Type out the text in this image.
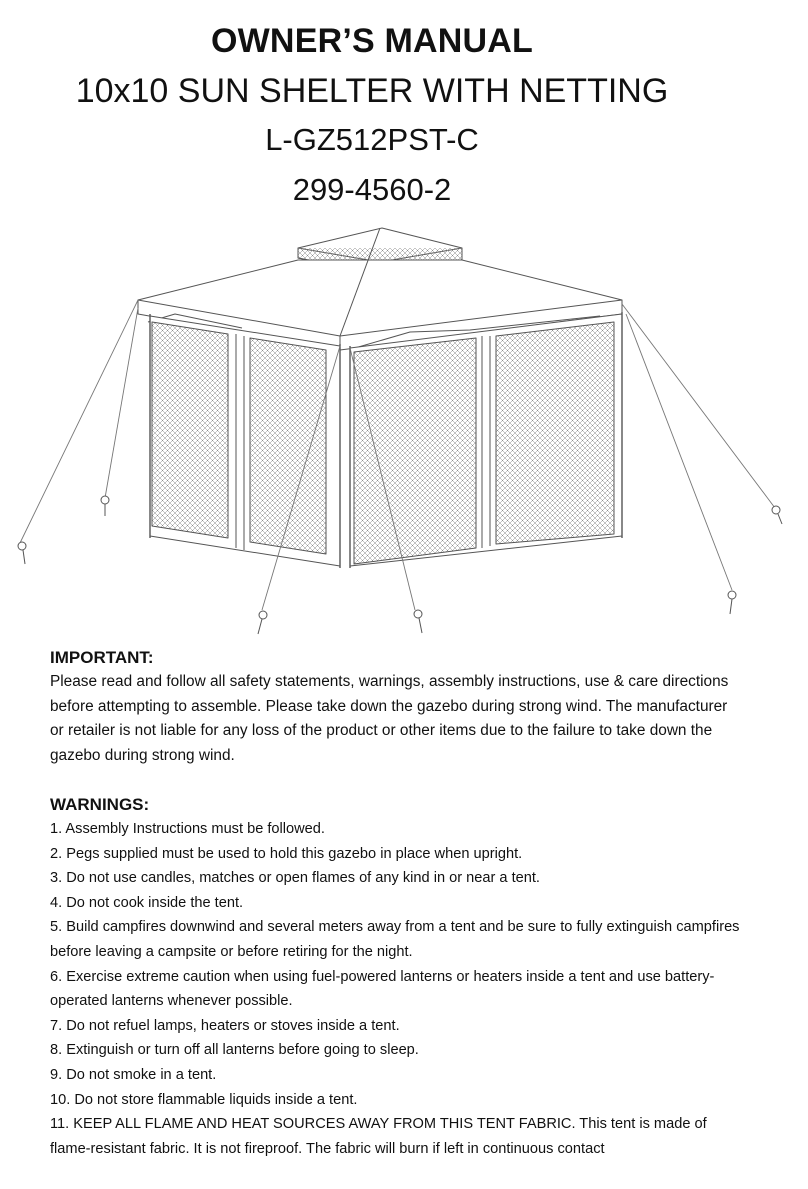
OWNER’S MANUAL
10x10 SUN SHELTER WITH NETTING
L-GZ512PST-C
299-4560-2
IMPORTANT:

Please read and follow all safety statements, warnings, assembly instructions, use & care directions before attempting to assemble. Please take down the gazebo during strong wind. The manufacturer or retailer is not liable for any loss of the product or other items due to the failure to take down the gazebo during strong wind.

WARNINGS:

1. Assembly Instructions must be followed.

2. Pegs supplied must be used to hold this gazebo in place when upright.

3. Do not use candles, matches or open flames of any kind in or near a tent.

4. Do not cook inside the tent.

5. Build campfires downwind and several meters away from a tent and be sure to fully extinguish campfires before leaving a campsite or before retiring for the night.

6. Exercise extreme caution when using fuel-powered lanterns or heaters inside a tent and use battery-operated lanterns whenever possible.

7. Do not refuel lamps, heaters or stoves inside a tent.

8. Extinguish or turn off all lanterns before going to sleep.

9. Do not smoke in a tent.

10. Do not store flammable liquids inside a tent.

11. KEEP ALL FLAME AND HEAT SOURCES AWAY FROM THIS TENT FABRIC. This tent is made of flame-resistant fabric. It is not fireproof. The fabric will burn if left in continuous contact
